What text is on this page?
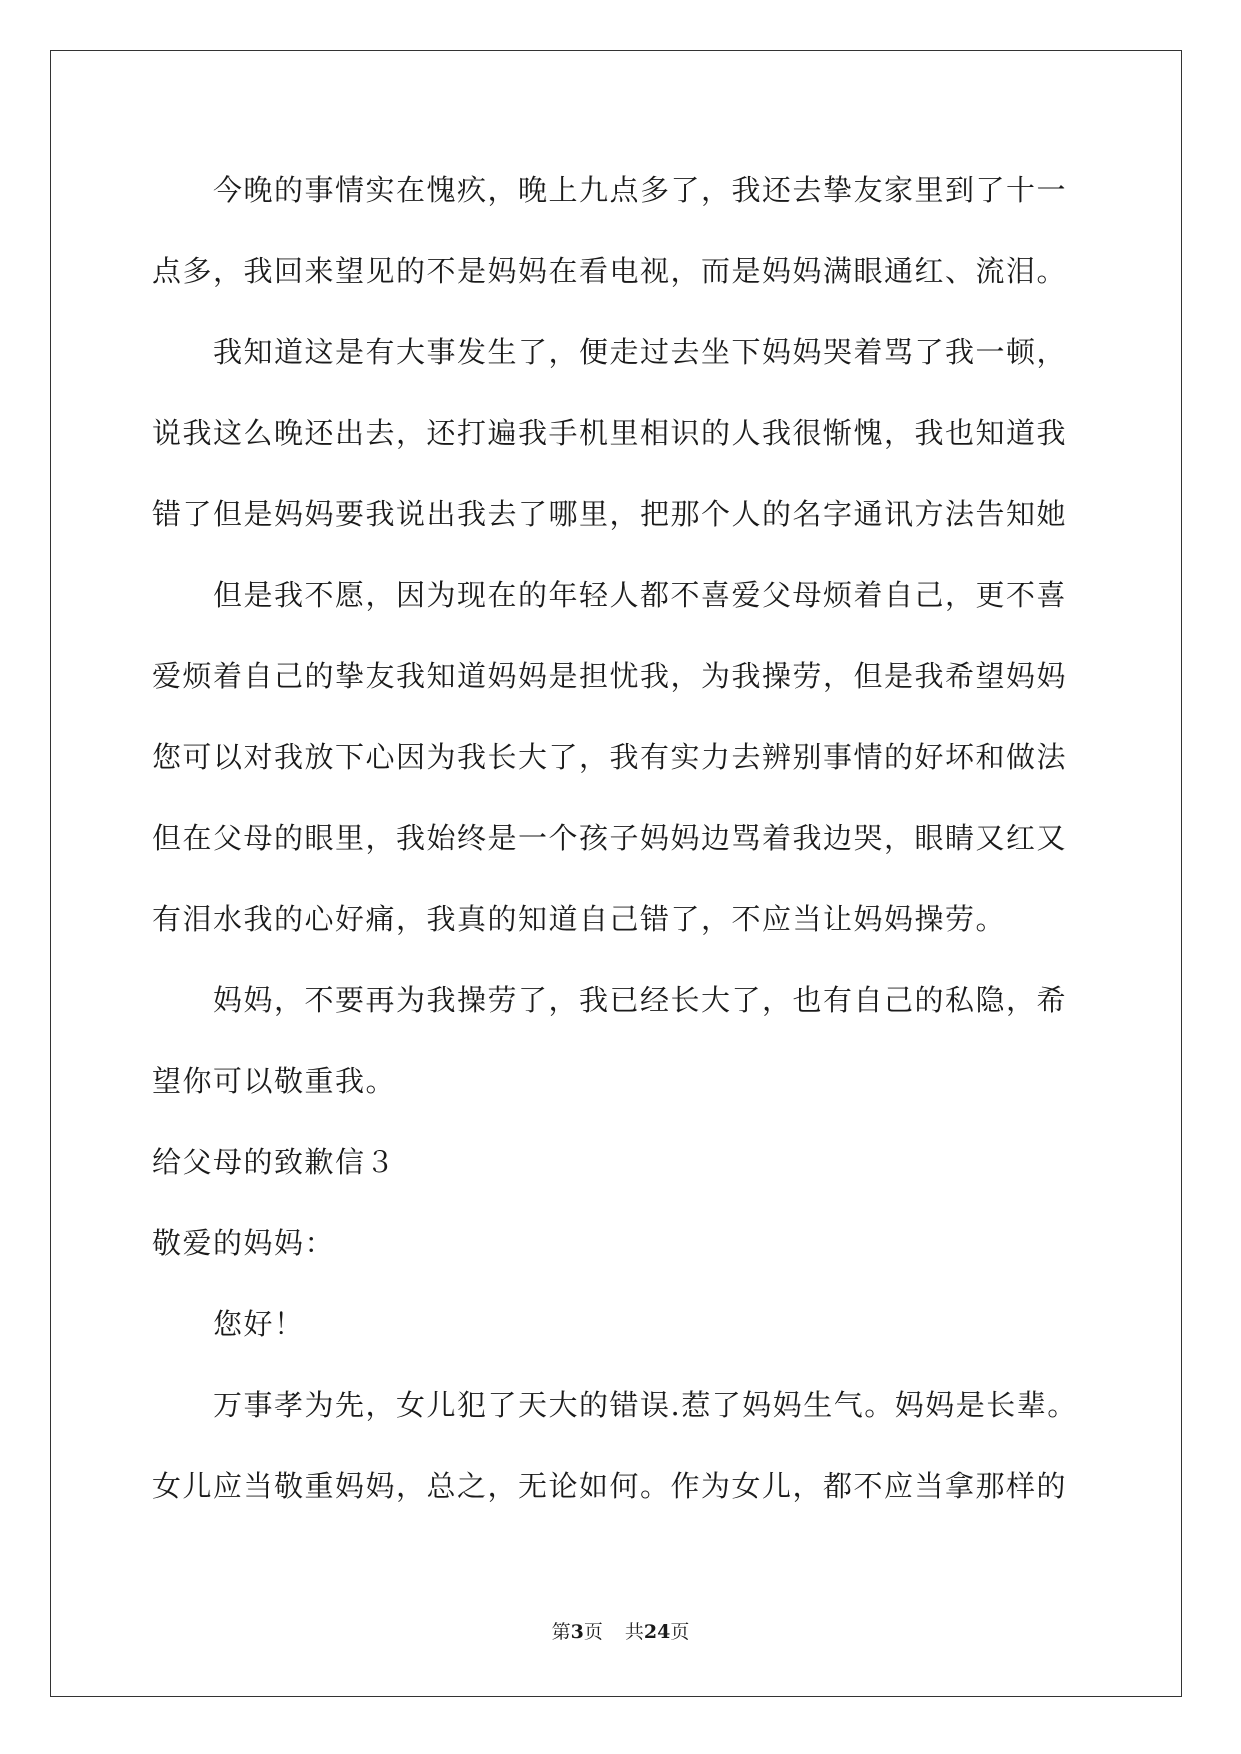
今晚的事情实在愧疚，晚上九点多了，我还去挚友家里到了十一
点多，我回来望见的不是妈妈在看电视，而是妈妈满眼通红、流泪。
我知道这是有大事发生了，便走过去坐下妈妈哭着骂了我一顿，
说我这么晚还出去，还打遍我手机里相识的人我很惭愧，我也知道我
错了但是妈妈要我说出我去了哪里，把那个人的名字通讯方法告知她
但是我不愿，因为现在的年轻人都不喜爱父母烦着自己，更不喜
爱烦着自己的挚友我知道妈妈是担忧我，为我操劳，但是我希望妈妈
您可以对我放下心因为我长大了，我有实力去辨别事情的好坏和做法
但在父母的眼里，我始终是一个孩子妈妈边骂着我边哭，眼睛又红又
有泪水我的心好痛，我真的知道自己错了，不应当让妈妈操劳。
妈妈，不要再为我操劳了，我已经长大了，也有自己的私隐，希
望你可以敬重我。
给父母的致歉信３
敬爱的妈妈：
您好！
万事孝为先，女儿犯了天大的错误.惹了妈妈生气。妈妈是长辈。
女儿应当敬重妈妈，总之，无论如何。作为女儿，都不应当拿那样的
第3页 共24页
